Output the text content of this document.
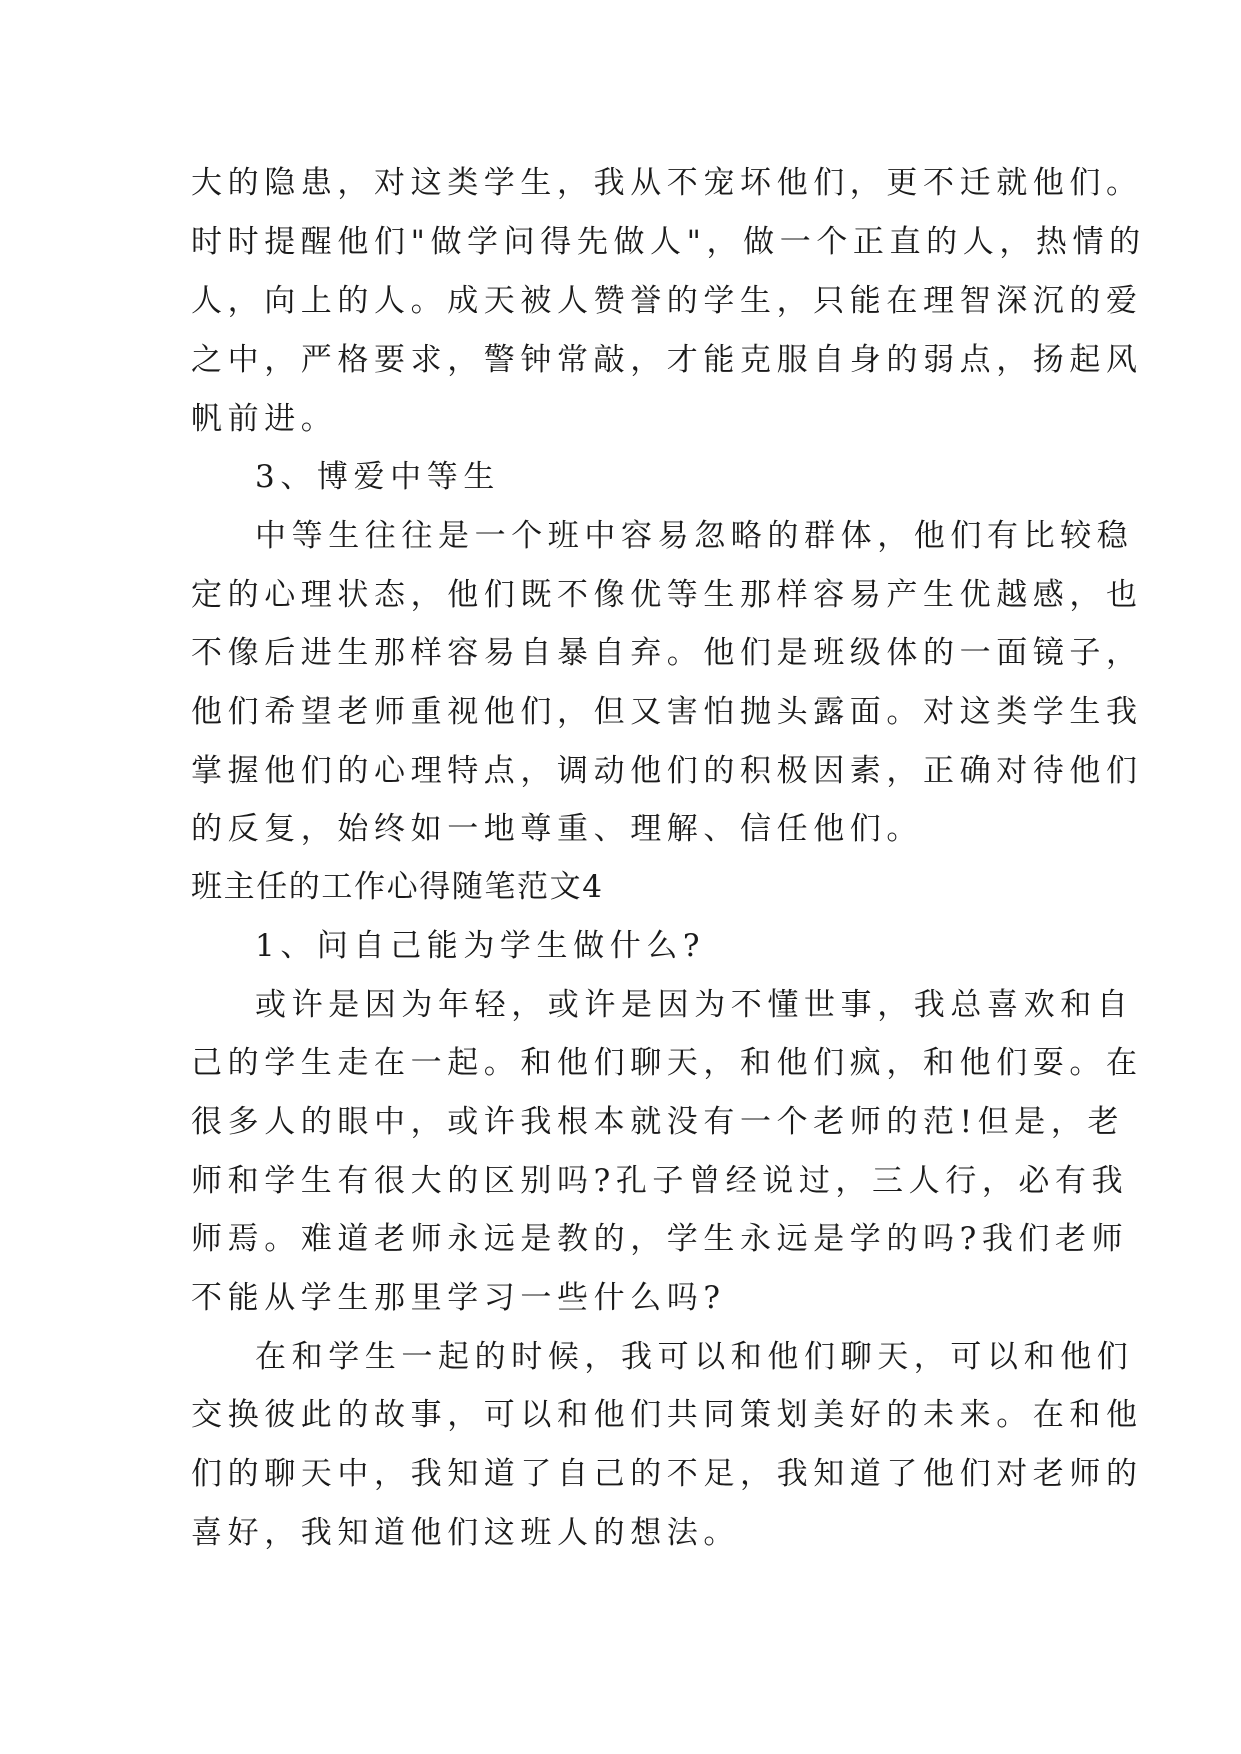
大的隐患，对这类学生，我从不宠坏他们，更不迁就他们。
时时提醒他们"做学问得先做人"，做一个正直的人，热情的
人，向上的人。成天被人赞誉的学生，只能在理智深沉的爱
之中，严格要求，警钟常敲，才能克服自身的弱点，扬起风
帆前进。
3、博爱中等生
中等生往往是一个班中容易忽略的群体，他们有比较稳
定的心理状态，他们既不像优等生那样容易产生优越感，也
不像后进生那样容易自暴自弃。他们是班级体的一面镜子，
他们希望老师重视他们，但又害怕抛头露面。对这类学生我
掌握他们的心理特点，调动他们的积极因素，正确对待他们
的反复，始终如一地尊重、理解、信任他们。
班主任的工作心得随笔范文4
1、问自己能为学生做什么?
或许是因为年轻，或许是因为不懂世事，我总喜欢和自
己的学生走在一起。和他们聊天，和他们疯，和他们耍。在
很多人的眼中，或许我根本就没有一个老师的范!但是，老
师和学生有很大的区别吗?孔子曾经说过，三人行，必有我
师焉。难道老师永远是教的，学生永远是学的吗?我们老师
不能从学生那里学习一些什么吗?
在和学生一起的时候，我可以和他们聊天，可以和他们
交换彼此的故事，可以和他们共同策划美好的未来。在和他
们的聊天中，我知道了自己的不足，我知道了他们对老师的
喜好，我知道他们这班人的想法。
